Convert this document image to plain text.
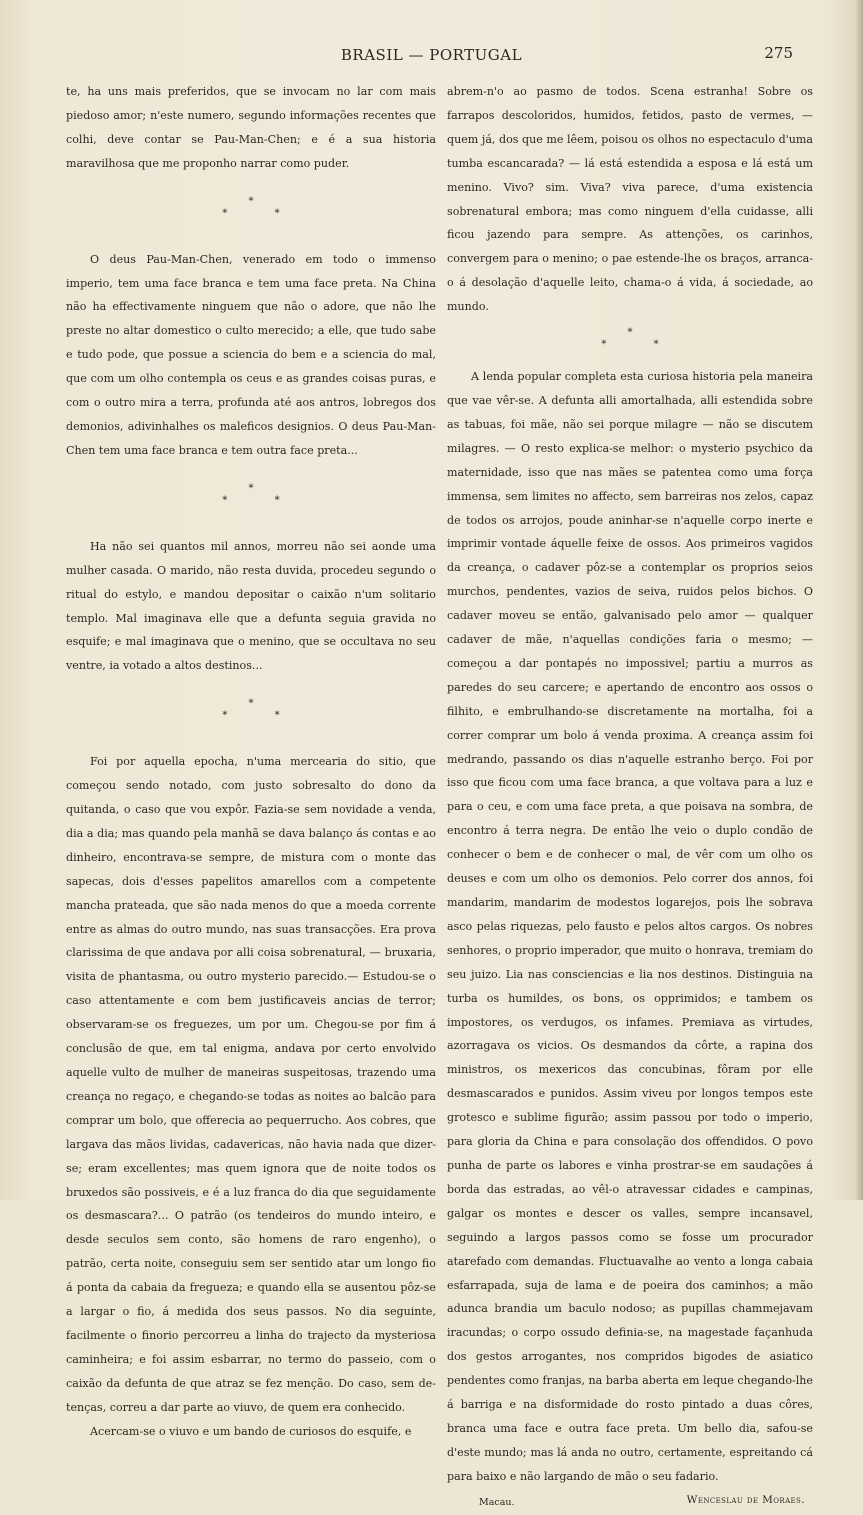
BRASIL — PORTUGAL	275

te, ha uns mais preferidos, que se invocam no lar com mais piedoso amor; n'este numero, segundo informações recentes que colhi, deve contar se Pau-Man-Chen; e é a sua historia maravilhosa que me proponho narrar como puder.

*
* *

O deus Pau-Man-Chen, venerado em todo o immenso imperio, tem uma face branca e tem uma face preta. Na China não ha effectivamente ninguem que não o adore, que não lhe preste no altar domestico o culto merecido; a elle, que tudo sabe e tudo pode, que possue a sciencia do bem e a sciencia do mal, que com um olho contempla os ceus e as grandes coisas puras, e com o outro mira a terra, profunda até aos antros, lobregos dos demonios, adivinhalhes os maleficos designios. O deus Pau-Man-Chen tem uma face branca e tem outra face preta...

*
* *

Ha não sei quantos mil annos, morreu não sei aonde uma mulher casada. O marido, não resta duvida, procedeu segundo o ritual do estylo, e mandou depositar o caixão n'um solitario templo. Mal imaginava elle que a defunta seguia gravida no esquife; e mal imaginava que o menino, que se occultava no seu ventre, ia votado a altos destinos...

*
* *

Foi por aquella epocha, n'uma mercearia do sitio, que começou sendo notado, com justo sobresalto do dono da quitanda, o caso que vou expôr. Fazia-se sem novidade a venda, dia a dia; mas quando pela manhã se dava balanço ás contas e ao dinheiro, encontrava-se sempre, de mistura com o monte das sapecas, dois d'esses papelitos amarellos com a competente mancha prateada, que são nada menos do que a moeda corrente entre as almas do outro mundo, nas suas transacções. Era prova clarissima de que andava por alli coisa sobrenatural, — bruxaria, visita de phantasma, ou outro mysterio parecido.— Estudou-se o caso attentamente e com bem justificaveis ancias de terror; observaram-se os freguezes, um por um. Chegou-se por fim á conclusão de que, em tal enigma, andava por certo envolvido aquelle vulto de mulher de maneiras suspeitosas, trazendo uma creança no regaço, e chegando-se todas as noites ao balcão para comprar um bolo, que offerecia ao pequerrucho. Aos cobres, que largava das mãos lividas, cadavericas, não havia nada que dizer-se; eram excellentes; mas quem ignora que de noite todos os bruxedos são possiveis, e é a luz franca do dia que seguidamente os desmascara?... O patrão (os tendeiros do mundo inteiro, e desde seculos sem conto, são homens de raro engenho), o patrão, certa noite, conseguiu sem ser sentido atar um longo fio á ponta da cabaia da freguezа; e quando ella se ausentou pôz-se a largar o fio, á medida dos seus passos. No dia seguinte, facilmente o finorio percorreu a linha do trajecto da mysteriosa caminheira; e foi assim esbarrar, no termo do passeio, com o caixão da defunta de que atraz se fez menção. Do caso, sem detenças, correu a dar parte ao viuvo, de quem era conhecido.

Acercam-se o viuvo e um bando de curiosos do esquife, e

abrem-n'o ao pasmo de todos. Scena estranha! Sobre os farrapos descoloridos, humidos, fetidos, pasto de vermes, — quem já, dos que me lêem, poisou os olhos no espectaculo d'uma tumba escancarada? — lá está estendida a esposa e lá está um menino. Vivo? sim. Viva? viva parece, d'uma existencia sobrenatural embora; mas como ninguem d'ella cuidasse, alli ficou jazendo para sempre. As attenções, os carinhos, convergem para o menino; o pae estende-lhe os braços, arranca-o á desolação d'aquelle leito, chama-o á vida, á sociedade, ao mundo.

*
* *

A lenda popular completa esta curiosa historia pela maneira que vae vêr-se. A defunta alli amortalhada, alli estendida sobre as tabuas, foi mãe, não sei porque milagre — não se discutem milagres. — O resto explica-se melhor: o mysterio psychico da maternidade, isso que nas mães se patentea como uma força immensa, sem limites no affecto, sem barreiras nos zelos, capaz de todos os arrojos, poude aninhar-se n'aquelle corpo inerte e imprimir vontade áquelle feixe de ossos. Aos primeiros vagidos da creança, o cadaver pôz-se a contemplar os proprios seios murchos, pendentes, vazios de seiva, ruidos pelos bichos. O cadaver moveu se então, galvanisado pelo amor — qualquer cadaver de mãe, n'aquellas condições faria o mesmo; — começou a dar pontapés no impossivel; partiu a murros as paredes do seu carcere; e apertando de encontro aos ossos o filhito, e embrulhando-se discretamente na mortalha, foi a correr comprar um bolo á venda proxima. A creança assim foi medrando, passando os dias n'aquelle estranho berço. Foi por isso que ficou com uma face branca, a que voltava para a luz e para o ceu, e com uma face preta, a que poisava na sombra, de encontro á terra negra. De então lhe veio o duplo condão de conhecer o bem e de conhecer o mal, de vêr com um olho os deuses e com um olho os demonios. Pelo correr dos annos, foi mandarim, mandarim de modestos logarejos, pois lhe sobrava asco pelas riquezas, pelo fausto e pelos altos cargos. Os nobres senhores, o proprio imperador, que muito o honrava, tremiam do seu juizo. Lia nas consciencias e lia nos destinos. Distinguia na turba os humildes, os bons, os opprimidos; e tambem os impostores, os verdugos, os infames. Premiava as virtudes, azorragava os vicios. Os desmandos da côrte, a rapina dos ministros, os mexericos das concubinas, fôram por elle desmascarados e punidos. Assim viveu por longos tempos este grotesco e sublime figurão; assim passou por todo o imperio, para gloria da China e para consolação dos offendidos. O povo punha de parte os labores e vinha prostrar-se em saudações á borda das estradas, ao vêl-o atravessar cidades e campinas, galgar os montes e descer os valles, sempre incansavel, seguindo a largos passos como se fosse um procurador atarefado com demandas. Fluctuavalhe ao vento a longa cabaia esfarrapada, suja de lama e de poeira dos caminhos; a mão adunca brandia um baculo nodoso; as pupillas chammejavam iracundas; o corpo ossudo definia-se, na magestade façanhuda dos gestos arrogantes, nos compridos bigodes de asiatico pendentes como franjas, na barba aberta em leque chegando-lhe á barriga e na disformidade do rosto pintado a duas côres, branca uma face e outra face preta. Um bello dia, safou-se d'este mundo; mas lá anda no outro, certamente, espreitando cá para baixo e não largando de mão o seu fadario.

Macau.	Wenceslau de Moraes.
